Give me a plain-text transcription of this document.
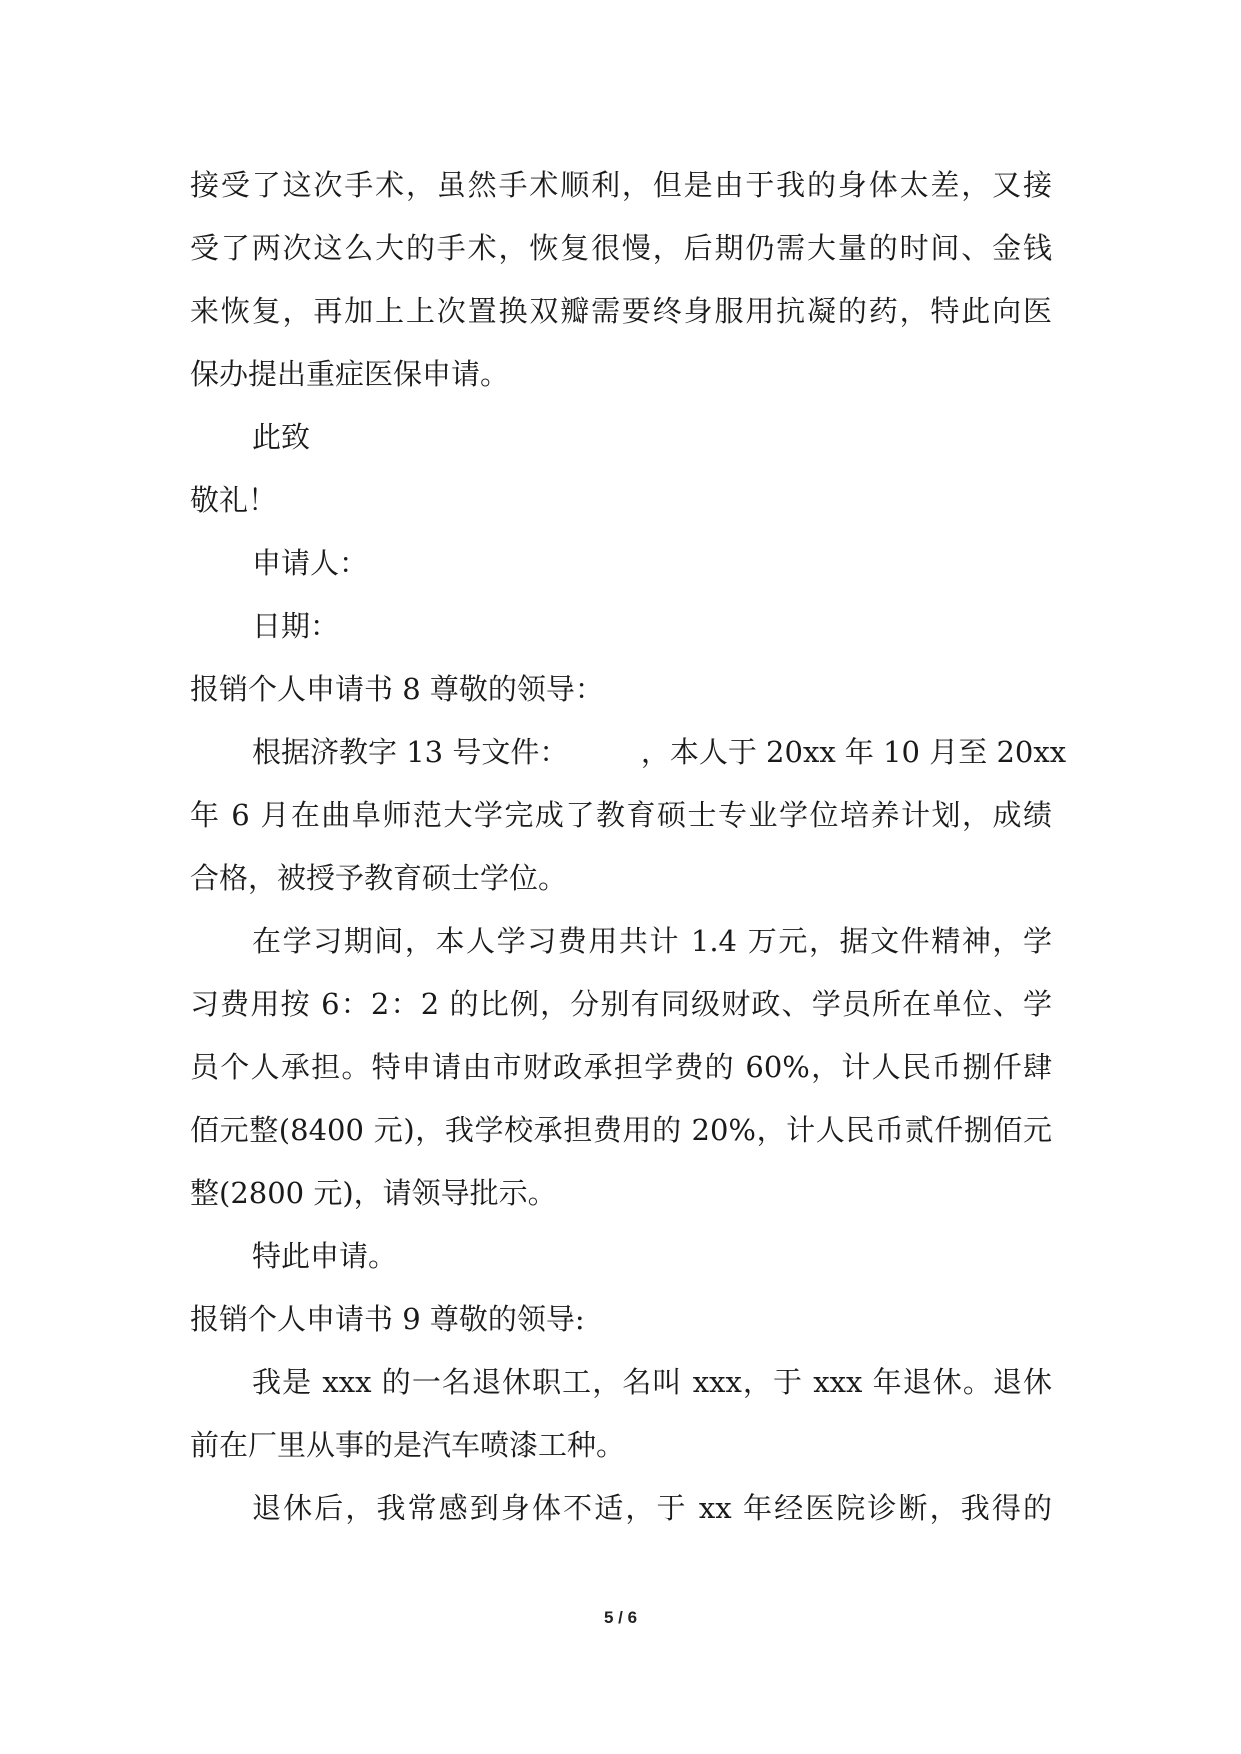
接受了这次手术，虽然手术顺利，但是由于我的身体太差，又接
受了两次这么大的手术，恢复很慢，后期仍需大量的时间、金钱
来恢复，再加上上次置换双瓣需要终身服用抗凝的药，特此向医
保办提出重症医保申请。
此致
敬礼！
申请人：
日期：
报销个人申请书 8 尊敬的领导：
根据济教字 13 号文件：　　　，本人于 20xx 年 10 月至 20xx
年 6 月在曲阜师范大学完成了教育硕士专业学位培养计划，成绩
合格，被授予教育硕士学位。
在学习期间，本人学习费用共计 1.4 万元，据文件精神，学
习费用按 6：2：2 的比例，分别有同级财政、学员所在单位、学
员个人承担。特申请由市财政承担学费的 60%，计人民币捌仟肆
佰元整(8400 元)，我学校承担费用的 20%，计人民币贰仟捌佰元
整(2800 元)，请领导批示。
特此申请。
报销个人申请书 9 尊敬的领导:
我是 xxx 的一名退休职工，名叫 xxx，于 xxx 年退休。退休
前在厂里从事的是汽车喷漆工种。
退休后，我常感到身体不适，于 xx 年经医院诊断，我得的
5 / 6
